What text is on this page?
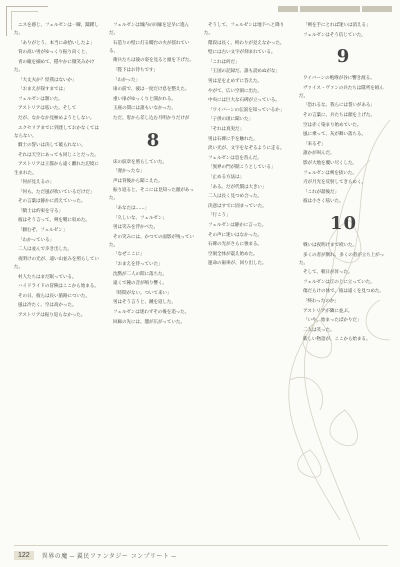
ニスを感じ、フェルゼンは一瞬、躊躇した。

「ありがとう、本当に命拾いしたよ」

背の高い男がゆっくり振り向くと、

青の瞳を細めて、穏やかに微笑みかけた。

「大丈夫か？怪我はないか」

「おまえが探すまでは」

フェルゼンは頷いた。

アストリアは呟いた。そして

だが、なかなか見極めようとしない。

エクセリアまでに到達しておかなくてはならない。

騎士の誓いは決して破られない。

それは天空にあっても同じことだった。

アストリアは王都から遠く離れた辺境に生まれた。

「何が見えるの」

「何も。ただ風が吹いているだけだ」

その言葉は静かに消えていった。

「騎士は約束を守る」

彼はそう言って、剣を鞘に収めた。

「頼むぞ、フェルゼン」

「わかっている」

二人は並んで歩き出した。

夜明けの光が、遠い山並みを照らしていた。

村人たちはまだ眠っている。

ハイドライドの冒険はここから始まる。

その日、彼らは長い旅路についた。

風は冷たく、空は高かった。

アストリアは振り返らなかった。

フェルゼンは城内の回廊を足早に進んだ。

石造りの壁に灯る燭台の火が揺れている。

衛兵たちは彼の姿を見ると頭を下げた。

「陛下はお待ちです」

「わかった」

扉の前で、彼は一度だけ息を整えた。

重い扉がゆっくりと開かれる。

玉座の間には誰もいなかった。

ただ、窓から差し込む月明かりだけが

8

床の紋章を照らしていた。

「遅かったな」

声は背後から聞こえた。

振り返ると、そこには見知った顔があった。

「あなたは……」

「久しいな、フェルゼン」

男は笑みを浮かべた。

その笑みには、かつての面影が残っていた。

「なぜここに」

「おまえを待っていた」

沈黙が二人の間に落ちた。

遠くで鐘の音が鳴り響く。

「時間がない。ついて来い」

男はそう言うと、踵を返した。

フェルゼンは迷わずその後を追った。

回廊の先には、闇が広がっていた。

そうして、フェルゼンは地下へと降りた。

階段は長く、終わりが見えなかった。

壁には古い文字が刻まれている。

「これは何だ」

「王国の記録だ。誰も読めぬがな」

男は足を止めずに答えた。

やがて、広い空洞に出た。

中央には巨大な石碑が立っている。

「ワイバーンの伝説を知っているか」

「子供の頃に聞いた」

「それは真実だ」

男は石碑に手を触れた。

淡い光が、文字をなぞるように走る。

フェルゼンは息を呑んだ。

「異界の門が開こうとしている」

「止める方法は」

「ある。だが代償は大きい」

二人は長く見つめ合った。

決意はすでに固まっていた。

「行こう」

フェルゼンは静かに言った。

その声に迷いはなかった。

石碑の光がさらに強まる。

空洞全体が震え始めた。

運命の歯車が、回り出した。

「剣を手にとれば迷いは消える」

フェルゼンはそう信じていた。

9

ワイバーンの咆哮が谷に響き渡る。

ヴァイス・ヴァンの兵たちは隊列を組んだ。

「恐れるな。我らには誓いがある」

その言葉に、兵たちは顔を上げた。

空は赤く染まり始めていた。

風に乗って、灰が舞い落ちる。

「来るぞ」

誰かが叫んだ。

影が大地を覆い尽くした。

フェルゼンは剣を抜いた。

刃が月光を反射してきらめく。

「これが最後だ」

彼は小さく呟いた。

10

戦いは夜明けまで続いた。

多くの者が倒れ、多くの者が立ち上がった。

そして、朝日が昇った。

フェルゼンは丘の上に立っていた。

傷だらけの体で、彼は遠くを見つめた。

「終わったのか」

アストリアが隣に並ぶ。

「いや、始まったばかりだ」

二人は笑った。

新しい物語が、ここから始まる。

122	異界の魔 ─ 翼民ファンタジー コンプリート ─
